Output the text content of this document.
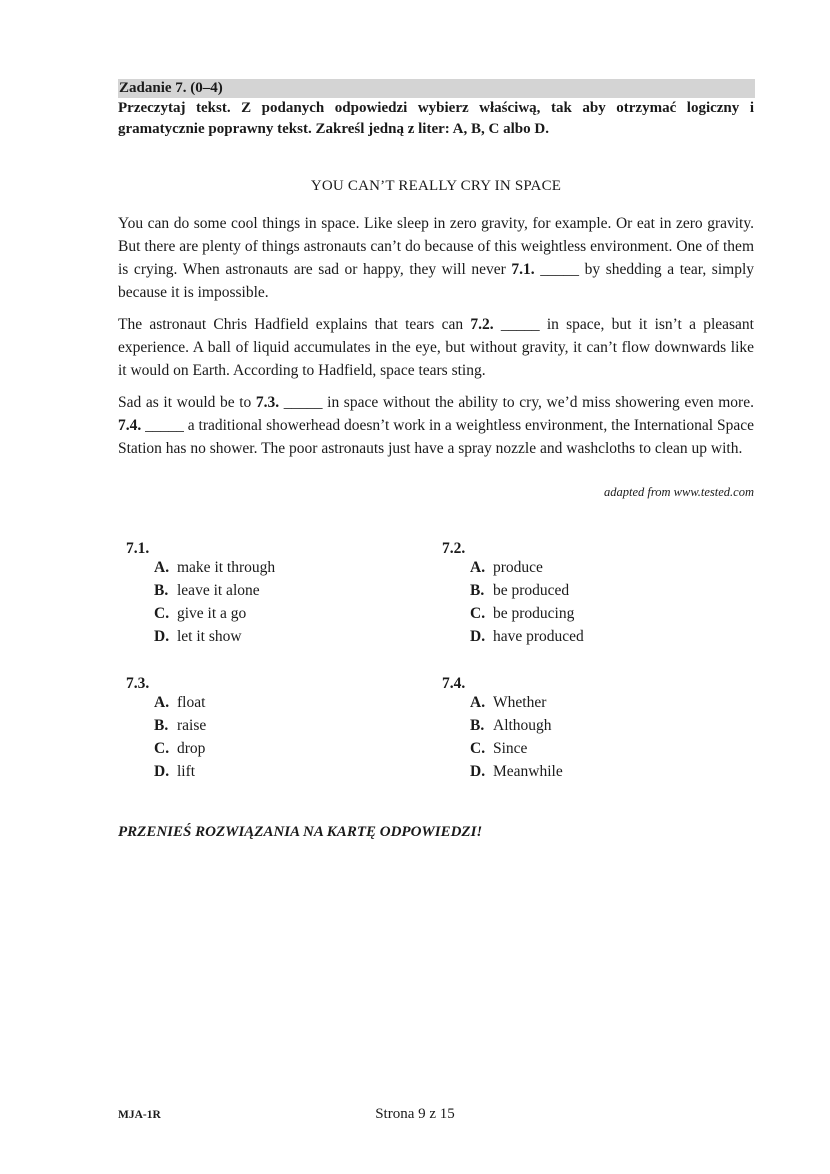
Zadanie 7. (0–4)
Przeczytaj tekst. Z podanych odpowiedzi wybierz właściwą, tak aby otrzymać logiczny i gramatycznie poprawny tekst. Zakreśl jedną z liter: A, B, C albo D.
YOU CAN’T REALLY CRY IN SPACE

You can do some cool things in space. Like sleep in zero gravity, for example. Or eat in zero gravity. But there are plenty of things astronauts can’t do because of this weightless environment. One of them is crying. When astronauts are sad or happy, they will never 7.1. _____ by shedding a tear, simply because it is impossible.

The astronaut Chris Hadfield explains that tears can 7.2. _____ in space, but it isn’t a pleasant experience. A ball of liquid accumulates in the eye, but without gravity, it can’t flow downwards like it would on Earth. According to Hadfield, space tears sting.

Sad as it would be to 7.3. _____ in space without the ability to cry, we’d miss showering even more. 7.4. _____ a traditional showerhead doesn’t work in a weightless environment, the International Space Station has no shower. The poor astronauts just have a spray nozzle and washcloths to clean up with.

adapted from www.tested.com
7.1.
A. make it through
B. leave it alone
C. give it a go
D. let it show
7.2.
A. produce
B. be produced
C. be producing
D. have produced
7.3.
A. float
B. raise
C. drop
D. lift
7.4.
A. Whether
B. Although
C. Since
D. Meanwhile
PRZENIEŚ ROZWIĄZANIA NA KARTĘ ODPOWIEDZI!
MJA-1R	Strona 9 z 15
